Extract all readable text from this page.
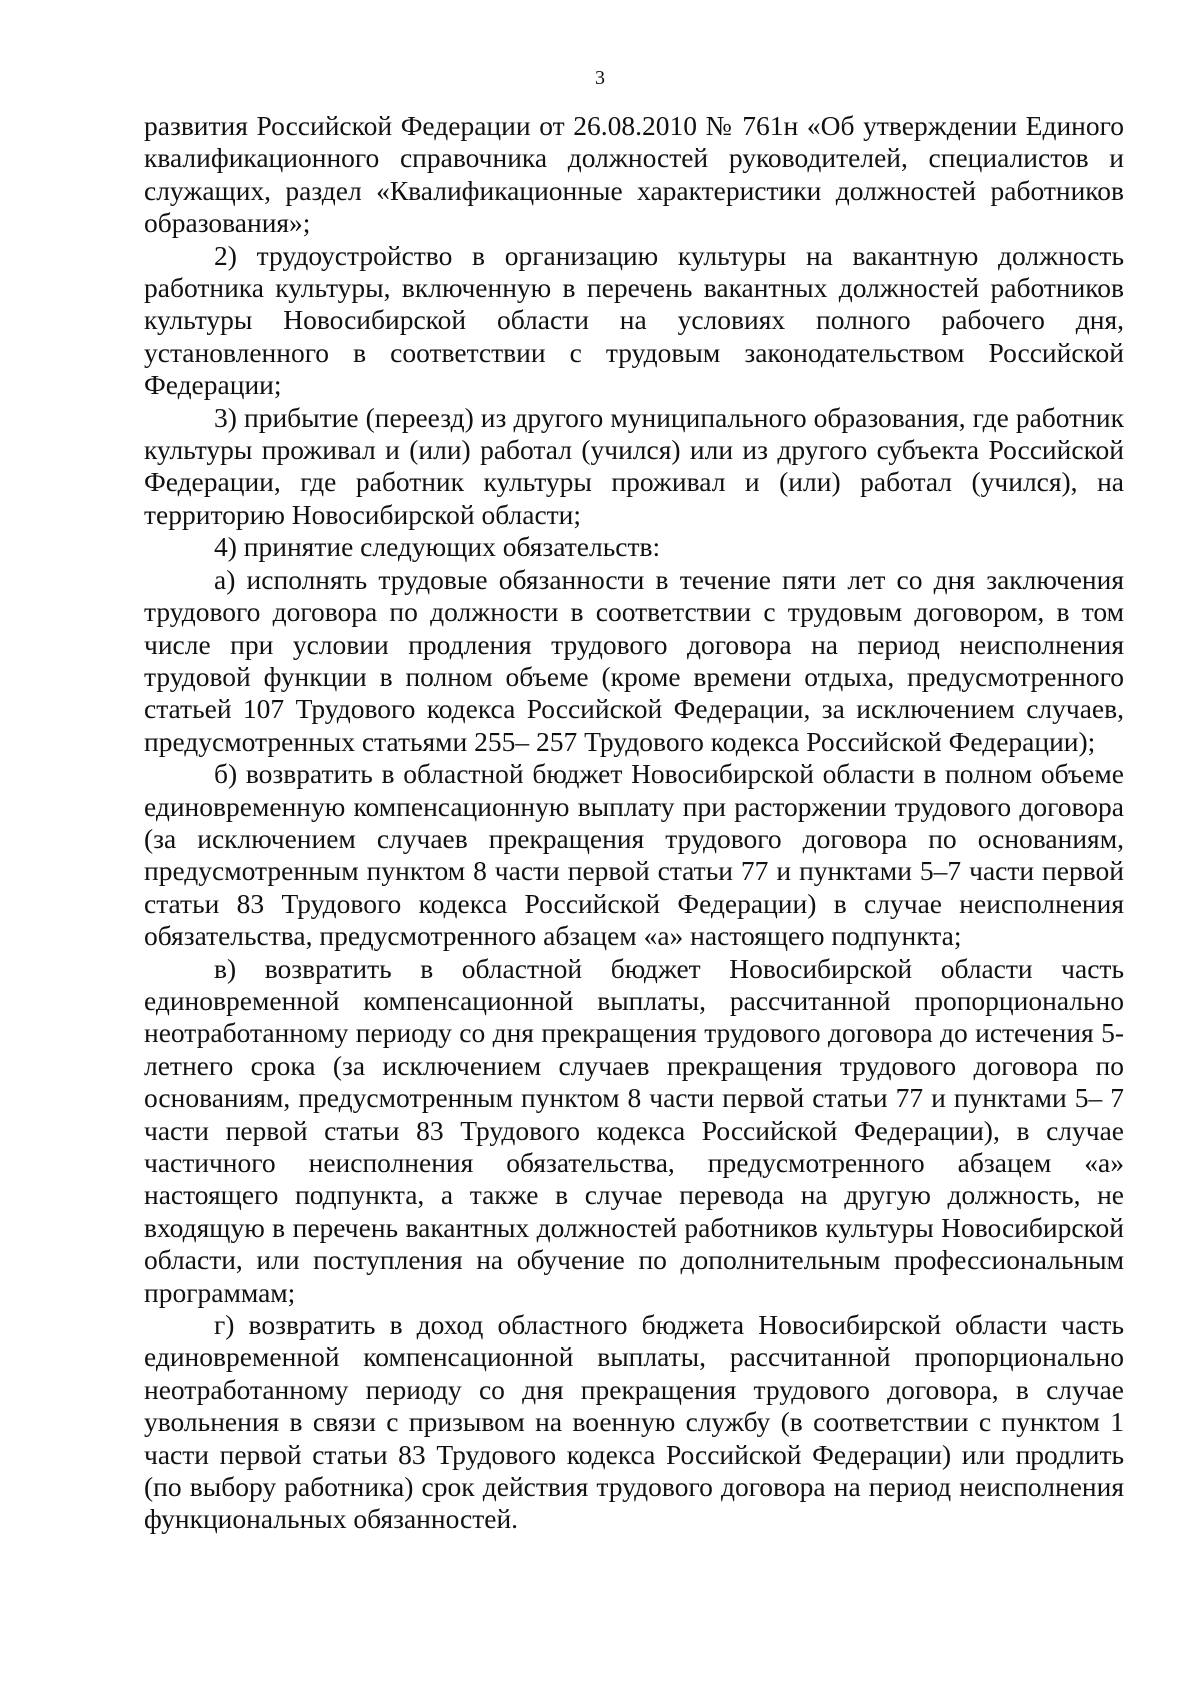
3

развития Российской Федерации от 26.08.2010 № 761н «Об утверждении Единого квалификационного справочника должностей руководителей, специалистов и служащих, раздел «Квалификационные характеристики должностей работников образования»;

2) трудоустройство в организацию культуры на вакантную должность работника культуры, включенную в перечень вакантных должностей работников культуры Новосибирской области на условиях полного рабочего дня, установленного в соответствии с трудовым законодательством Российской Федерации;

3) прибытие (переезд) из другого муниципального образования, где работник культуры проживал и (или) работал (учился) или из другого субъекта Российской Федерации, где работник культуры проживал и (или) работал (учился), на территорию Новосибирской области;

4) принятие следующих обязательств:

а) исполнять трудовые обязанности в течение пяти лет со дня заключения трудового договора по должности в соответствии с трудовым договором, в том числе при условии продления трудового договора на период неисполнения трудовой функции в полном объеме (кроме времени отдыха, предусмотренного статьей 107 Трудового кодекса Российской Федерации, за исключением случаев, предусмотренных статьями 255– 257 Трудового кодекса Российской Федерации);

б) возвратить в областной бюджет Новосибирской области в полном объеме единовременную компенсационную выплату при расторжении трудового договора (за исключением случаев прекращения трудового договора по основаниям, предусмотренным пунктом 8 части первой статьи 77 и пунктами 5–7 части первой статьи 83 Трудового кодекса Российской Федерации) в случае неисполнения обязательства, предусмотренного абзацем «а» настоящего подпункта;

в) возвратить в областной бюджет Новосибирской области часть единовременной компенсационной выплаты, рассчитанной пропорционально неотработанному периоду со дня прекращения трудового договора до истечения 5-летнего срока (за исключением случаев прекращения трудового договора по основаниям, предусмотренным пунктом 8 части первой статьи 77 и пунктами 5– 7 части первой статьи 83 Трудового кодекса Российской Федерации), в случае частичного неисполнения обязательства, предусмотренного абзацем «а» настоящего подпункта, а также в случае перевода на другую должность, не входящую в перечень вакантных должностей работников культуры Новосибирской области, или поступления на обучение по дополнительным профессиональным программам;

г) возвратить в доход областного бюджета Новосибирской области часть единовременной компенсационной выплаты, рассчитанной пропорционально неотработанному периоду со дня прекращения трудового договора, в случае увольнения в связи с призывом на военную службу (в соответствии с пунктом 1 части первой статьи 83 Трудового кодекса Российской Федерации) или продлить (по выбору работника) срок действия трудового договора на период неисполнения функциональных обязанностей.
